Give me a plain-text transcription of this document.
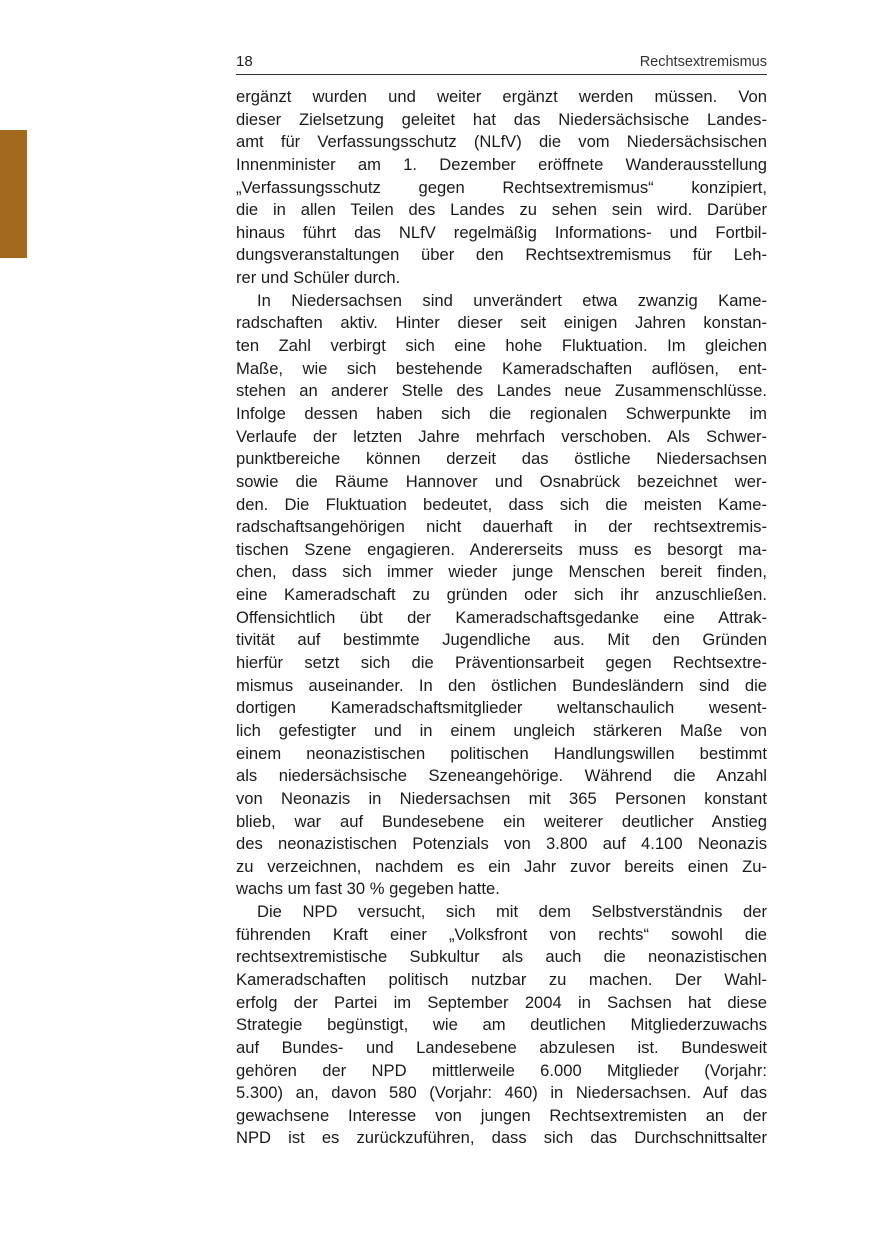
18	Rechtsextremismus
ergänzt wurden und weiter ergänzt werden müssen. Von
dieser Zielsetzung geleitet hat das Niedersächsische Landes-
amt für Verfassungsschutz (NLfV) die vom Niedersächsischen
Innenminister am 1. Dezember eröffnete Wanderausstellung
„Verfassungsschutz gegen Rechtsextremismus“ konzipiert,
die in allen Teilen des Landes zu sehen sein wird. Darüber
hinaus führt das NLfV regelmäßig Informations- und Fortbil-
dungsveranstaltungen über den Rechtsextremismus für Leh-
rer und Schüler durch.
In Niedersachsen sind unverändert etwa zwanzig Kame-
radschaften aktiv. Hinter dieser seit einigen Jahren konstan-
ten Zahl verbirgt sich eine hohe Fluktuation. Im gleichen
Maße, wie sich bestehende Kameradschaften auflösen, ent-
stehen an anderer Stelle des Landes neue Zusammenschlüsse.
Infolge dessen haben sich die regionalen Schwerpunkte im
Verlaufe der letzten Jahre mehrfach verschoben. Als Schwer-
punktbereiche können derzeit das östliche Niedersachsen
sowie die Räume Hannover und Osnabrück bezeichnet wer-
den. Die Fluktuation bedeutet, dass sich die meisten Kame-
radschaftsangehörigen nicht dauerhaft in der rechtsextremis-
tischen Szene engagieren. Andererseits muss es besorgt ma-
chen, dass sich immer wieder junge Menschen bereit finden,
eine Kameradschaft zu gründen oder sich ihr anzuschließen.
Offensichtlich übt der Kameradschaftsgedanke eine Attrak-
tivität auf bestimmte Jugendliche aus. Mit den Gründen
hierfür setzt sich die Präventionsarbeit gegen Rechtsextre-
mismus auseinander. In den östlichen Bundesländern sind die
dortigen Kameradschaftsmitglieder weltanschaulich wesent-
lich gefestigter und in einem ungleich stärkeren Maße von
einem neonazistischen politischen Handlungswillen bestimmt
als niedersächsische Szeneangehörige. Während die Anzahl
von Neonazis in Niedersachsen mit 365 Personen konstant
blieb, war auf Bundesebene ein weiterer deutlicher Anstieg
des neonazistischen Potenzials von 3.800 auf 4.100 Neonazis
zu verzeichnen, nachdem es ein Jahr zuvor bereits einen Zu-
wachs um fast 30 % gegeben hatte.
Die NPD versucht, sich mit dem Selbstverständnis der
führenden Kraft einer „Volksfront von rechts“ sowohl die
rechtsextremistische Subkultur als auch die neonazistischen
Kameradschaften politisch nutzbar zu machen. Der Wahl-
erfolg der Partei im September 2004 in Sachsen hat diese
Strategie begünstigt, wie am deutlichen Mitgliederzuwachs
auf Bundes- und Landesebene abzulesen ist. Bundesweit
gehören der NPD mittlerweile 6.000 Mitglieder (Vorjahr:
5.300) an, davon 580 (Vorjahr: 460) in Niedersachsen. Auf das
gewachsene Interesse von jungen Rechtsextremisten an der
NPD ist es zurückzuführen, dass sich das Durchschnittsalter
